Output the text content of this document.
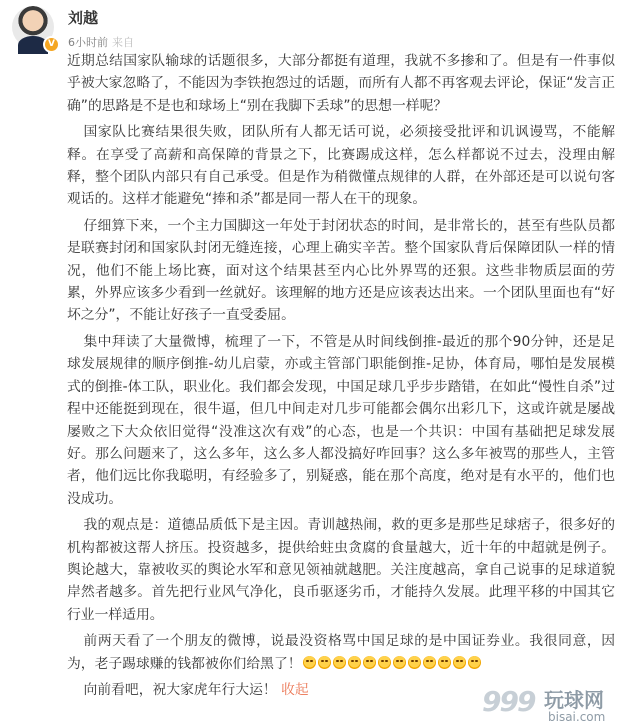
V
刘越
6小时前 来自

近期总结国家队输球的话题很多，大部分都挺有道理，我就不多掺和了。但是有一件事似乎被大家忽略了，不能因为李铁抱怨过的话题，而所有人都不再客观去评论，保证“发言正确”的思路是不是也和球场上“别在我脚下丢球”的思想一样呢？

国家队比赛结果很失败，团队所有人都无话可说，必须接受批评和讥讽谩骂，不能解释。在享受了高薪和高保障的背景之下，比赛踢成这样，怎么样都说不过去，没理由解释，整个团队内部只有自己承受。但是作为稍微懂点规律的人群，在外部还是可以说句客观话的。这样才能避免“捧和杀”都是同一帮人在干的现象。

仔细算下来，一个主力国脚这一年处于封闭状态的时间，是非常长的，甚至有些队员都是联赛封闭和国家队封闭无缝连接，心理上确实辛苦。整个国家队背后保障团队一样的情况，他们不能上场比赛，面对这个结果甚至内心比外界骂的还狠。这些非物质层面的劳累，外界应该多少看到一丝就好。该理解的地方还是应该表达出来。一个团队里面也有“好坏之分”，不能让好孩子一直受委屈。

集中拜读了大量微博，梳理了一下，不管是从时间线倒推-最近的那个90分钟，还是足球发展规律的顺序倒推-幼儿启蒙，亦或主管部门职能倒推-足协，体育局，哪怕是发展模式的倒推-体工队，职业化。我们都会发现，中国足球几乎步步踏错，在如此“慢性自杀”过程中还能挺到现在，很牛逼，但几中间走对几步可能都会偶尔出彩几下，这或许就是屡战屡败之下大众依旧觉得“没准这次有戏”的心态，也是一个共识：中国有基础把足球发展好。那么问题来了，这么多年，这么多人都没搞好咋回事？这么多年被骂的那些人，主管者，他们远比你我聪明，有经验多了，别疑惑，能在那个高度，绝对是有水平的，他们也没成功。

我的观点是：道德品质低下是主因。青训越热闹，救的更多是那些足球痞子，很多好的机构都被这帮人挤压。投资越多，提供给蛀虫贪腐的食量越大，近十年的中超就是例子。舆论越大，靠被收买的舆论水军和意见领袖就越肥。关注度越高，拿自己说事的足球道貌岸然者越多。首先把行业风气净化，良币驱逐劣币，才能持久发展。此理平移的中国其它行业一样适用。

前两天看了一个朋友的微博，说最没资格骂中国足球的是中国证券业。我很同意，因为，老子踢球赚的钱都被你们给黑了！

向前看吧，祝大家虎年行大运！ 收起	999 玩球网
bisai.com
